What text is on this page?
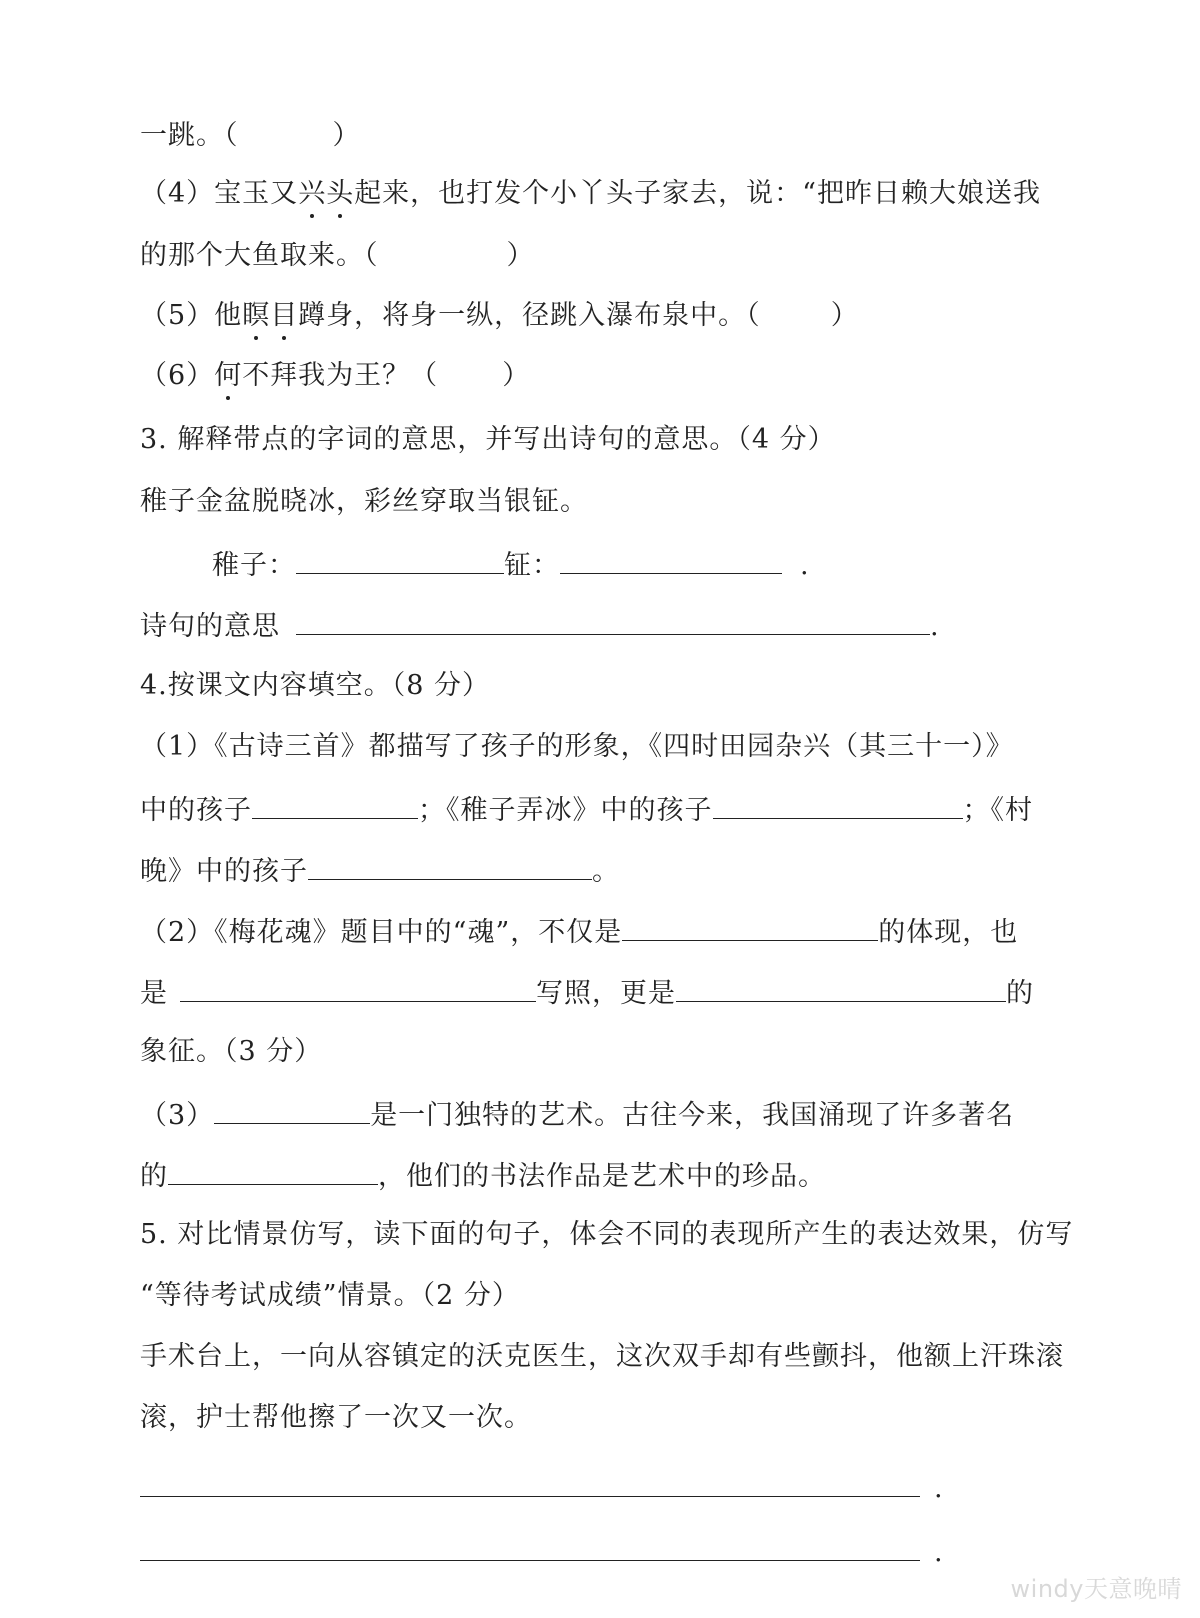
一跳。（	）
（4）宝玉又兴头起来，也打发个小丫头子家去，说：“把昨日赖大娘送我
的那个大鱼取来。（	）
（5）他瞑目蹲身，将身一纵，径跳入瀑布泉中。（	）
（6）何不拜我为王？（ ）
3. 解释带点的字词的意思，并写出诗句的意思。（4 分）
稚子金盆脱晓冰，彩丝穿取当银钲。
稚子：	钲：	.
诗句的意思	.
4.按课文内容填空。（8 分）
（1）《古诗三首》都描写了孩子的形象，《四时田园杂兴（其三十一）》
中的孩子	；《稚子弄冰》中的孩子	；《村
晚》中的孩子	。
（2）《梅花魂》题目中的“魂”，不仅是	的体现，也
是	写照，更是	的
象征。（3 分）
（3）	是一门独特的艺术。古往今来，我国涌现了许多著名
的	，他们的书法作品是艺术中的珍品。
5. 对比情景仿写，读下面的句子，体会不同的表现所产生的表达效果，仿写
“等待考试成绩”情景。（2 分）
手术台上，一向从容镇定的沃克医生，这次双手却有些颤抖，他额上汗珠滚
滚，护士帮他擦了一次又一次。
.
.
windy天意晚晴
